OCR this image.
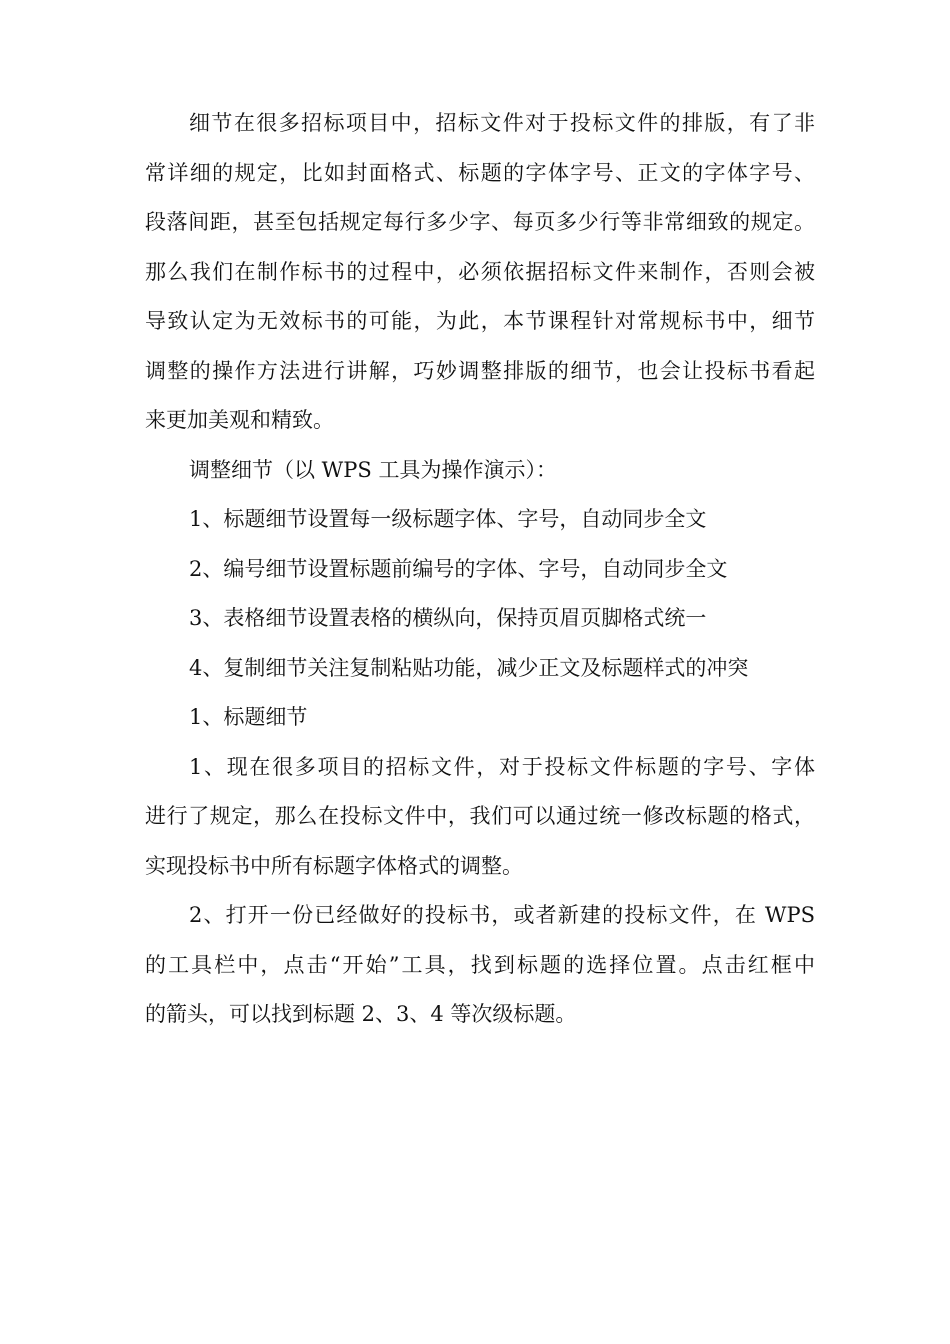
细节在很多招标项目中，招标文件对于投标文件的排版，有了非
常详细的规定，比如封面格式、标题的字体字号、正文的字体字号、
段落间距，甚至包括规定每行多少字、每页多少行等非常细致的规定。
那么我们在制作标书的过程中，必须依据招标文件来制作，否则会被
导致认定为无效标书的可能，为此，本节课程针对常规标书中，细节
调整的操作方法进行讲解，巧妙调整排版的细节，也会让投标书看起
来更加美观和精致。
调整细节（以 WPS 工具为操作演示）：
1、标题细节设置每一级标题字体、字号，自动同步全文
2、编号细节设置标题前编号的字体、字号，自动同步全文
3、表格细节设置表格的横纵向，保持页眉页脚格式统一
4、复制细节关注复制粘贴功能，减少正文及标题样式的冲突
1、标题细节
1、现在很多项目的招标文件，对于投标文件标题的字号、字体
进行了规定，那么在投标文件中，我们可以通过统一修改标题的格式，
实现投标书中所有标题字体格式的调整。
2、打开一份已经做好的投标书，或者新建的投标文件，在 WPS
的工具栏中，点击“开始”工具，找到标题的选择位置。点击红框中
的箭头，可以找到标题 2、3、4 等次级标题。
